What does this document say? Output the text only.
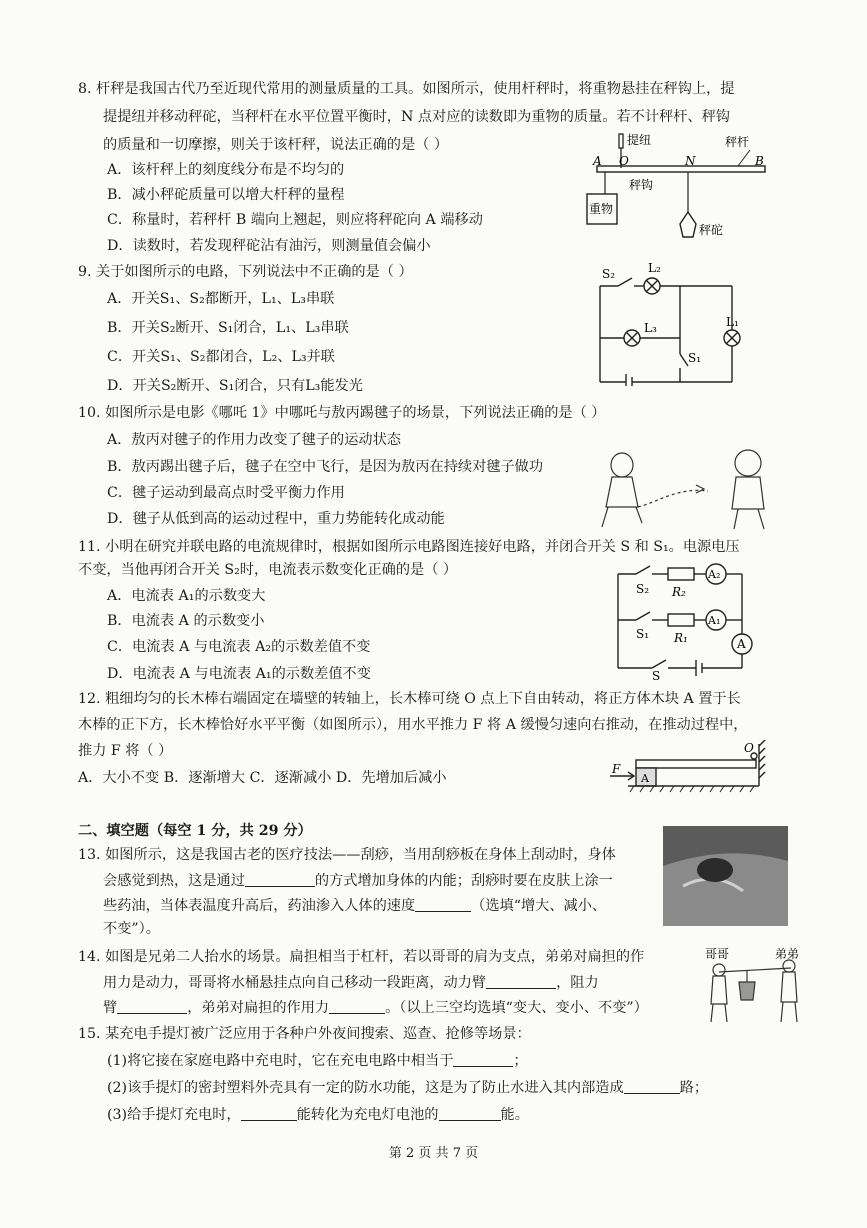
8. 杆秤是我国古代乃至近现代常用的测量质量的工具。如图所示，使用杆秤时，将重物悬挂在秤钩上，提
提提纽并移动秤砣，当秤杆在水平位置平衡时，N 点对应的读数即为重物的质量。若不计秤杆、秤钩
的质量和一切摩擦，则关于该杆秤，说法正确的是（ ）
A．该杆秤上的刻度线分布是不均匀的
B．减小秤砣质量可以增大杆秤的量程
C．称量时，若秤杆 B 端向上翘起，则应将秤砣向 A 端移动
D．读数时，若发现秤砣沾有油污，则测量值会偏小
提纽	秤杆
A O	N	B
秤钩
重物
秤砣
9. 关于如图所示的电路，下列说法中不正确的是（ ）
A．开关S₁、S₂都断开，L₁、L₃串联
B．开关S₂断开、S₁闭合，L₁、L₃串联
C．开关S₁、S₂都闭合，L₂、L₃并联
D．开关S₂断开、S₁闭合，只有L₃能发光
S₂	L₂
L₃	L₁
S₁
10. 如图所示是电影《哪吒 1》中哪吒与敖丙踢毽子的场景，下列说法正确的是（ ）
A．敖丙对毽子的作用力改变了毽子的运动状态
B．敖丙踢出毽子后，毽子在空中飞行，是因为敖丙在持续对毽子做功
C．毽子运动到最高点时受平衡力作用
D．毽子从低到高的运动过程中，重力势能转化成动能
11. 小明在研究并联电路的电流规律时，根据如图所示电路图连接好电路，并闭合开关 S 和 S₁。电源电压
不变，当他再闭合开关 S₂时，电流表示数变化正确的是（ ）
A．电流表 A₁的示数变大
B．电流表 A 的示数变小
C．电流表 A 与电流表 A₂的示数差值不变
D．电流表 A 与电流表 A₁的示数差值不变
S₂ R₂
A₂
S₁ R₁
A₁
A
S
12. 粗细均匀的长木棒右端固定在墙壁的转轴上，长木棒可绕 O 点上下自由转动，将正方体木块 A 置于长
木棒的正下方，长木棒恰好水平平衡（如图所示），用水平推力 F 将 A 缓慢匀速向右推动，在推动过程中，
推力 F 将（ ）
A．大小不变 B．逐渐增大 C．逐渐减小 D．先增加后减小
F
A
O
二、填空题（每空 1 分，共 29 分）
13. 如图所示，这是我国古老的医疗技法——刮痧，当用刮痧板在身体上刮动时，身体
会感觉到热，这是通过	的方式增加身体的内能；刮痧时要在皮肤上涂一
些药油，当体表温度升高后，药油渗入人体的速度	（选填“增大、减小、
不变”）。
14. 如图是兄弟二人抬水的场景。扁担相当于杠杆，若以哥哥的肩为支点，弟弟对扁担的作
用力是动力，哥哥将水桶悬挂点向自己移动一段距离，动力臂	，阻力
臂	，弟弟对扁担的作用力	。（以上三空均选填“变大、变小、不变”）
哥哥	弟弟
15. 某充电手提灯被广泛应用于各种户外夜间搜索、巡查、抢修等场景：
(1)将它接在家庭电路中充电时，它在充电电路中相当于	；
(2)该手提灯的密封塑料外壳具有一定的防水功能，这是为了防止水进入其内部造成	路；
(3)给手提灯充电时，	能转化为充电灯电池的	能。
第 2 页 共 7 页
